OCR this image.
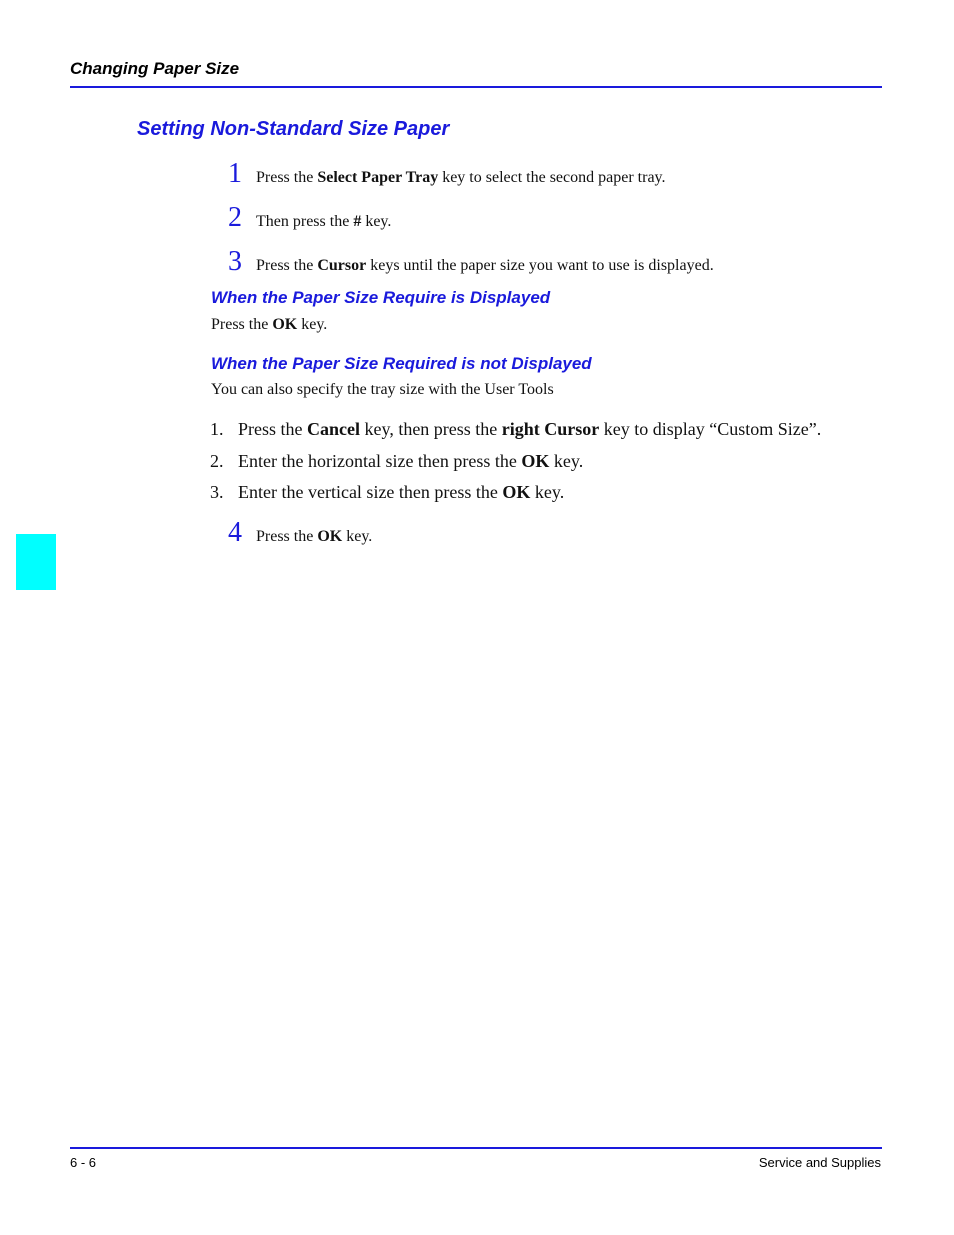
Changing Paper Size
Setting Non-Standard Size Paper
1 Press the Select Paper Tray key to select the second paper tray.
2 Then press the # key.
3 Press the Cursor keys until the paper size you want to use is displayed.
When the Paper Size Require is Displayed
Press the OK key.
When the Paper Size Required is not Displayed
You can also specify the tray size with the User Tools
1. Press the Cancel key, then press the right Cursor key to display “Custom Size”.
2. Enter the horizontal size then press the OK key.
3. Enter the vertical size then press the OK key.
4 Press the OK key.
6 - 6	Service and Supplies
